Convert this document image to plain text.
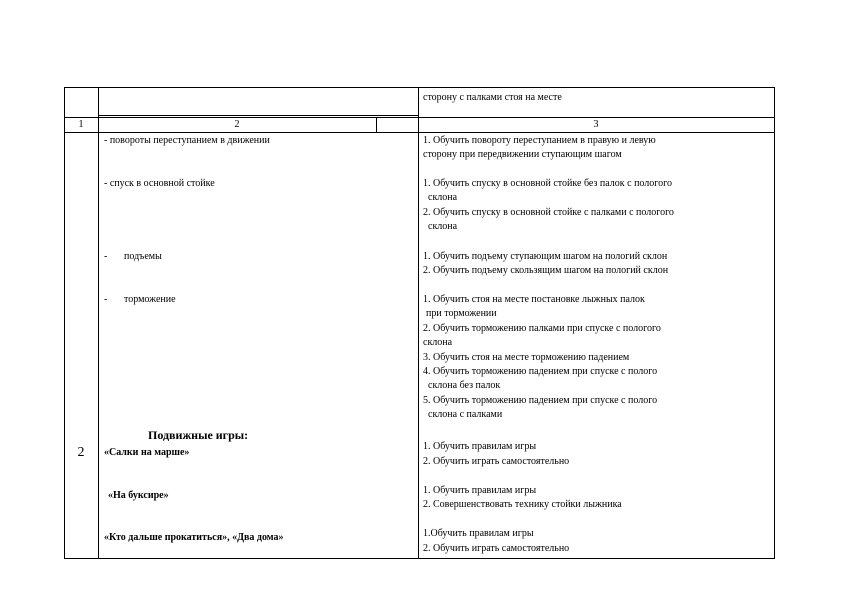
сторону с палками стоя на месте
1	2	3
2
- повороты переступанием в движении
- спуск в основной стойке
- подъемы
- торможение
Подвижные игры:
«Салки на марше»
«На буксире»
«Кто дальше прокатиться», «Два дома»
1. Обучить повороту переступанием в правую и левую
сторону при передвижении ступающим шагом
1. Обучить спуску в основной стойке без палок с пологого
склона
2. Обучить спуску в основной стойке с палками с пологого
склона
1. Обучить подъему ступающим шагом на пологий склон
2. Обучить подъему скользящим шагом на пологий склон
1. Обучить стоя на месте постановке лыжных палок
при торможении
2. Обучить торможению палками при спуске с пологого
склона
3. Обучить стоя на месте торможению падением
4. Обучить торможению падением при спуске с полого
склона без палок
5. Обучить торможению падением при спуске с полого
склона с палками
1. Обучить правилам игры
2. Обучить играть самостоятельно
1. Обучить правилам игры
2. Совершенствовать технику стойки лыжника
1.Обучить правилам игры
2. Обучить играть самостоятельно
